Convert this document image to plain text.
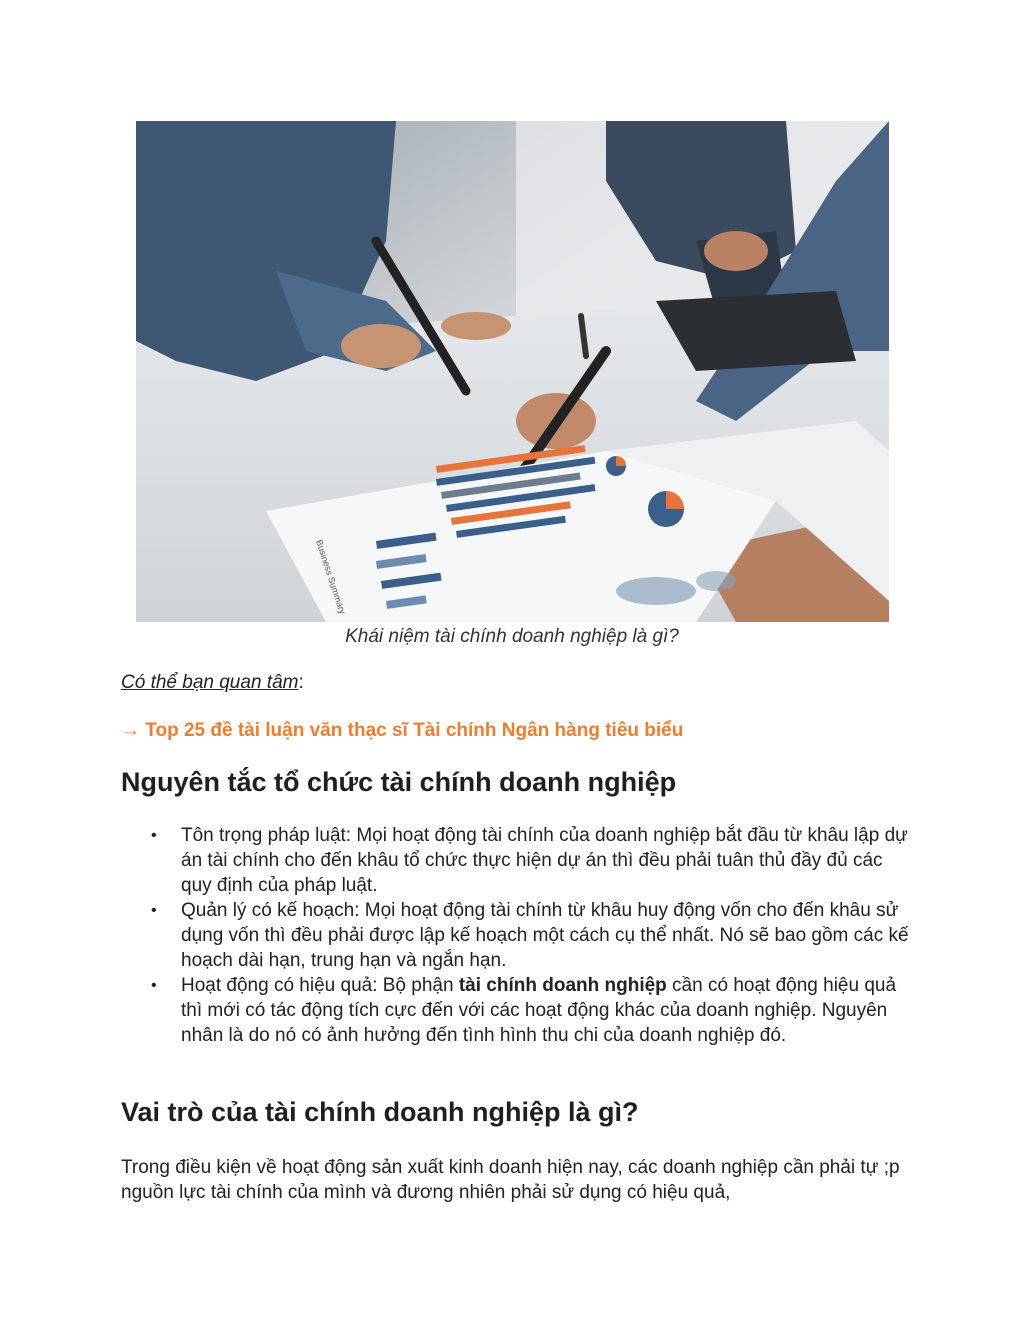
Business Summary
Khái niệm tài chính doanh nghiệp là gì?
Có thể bạn quan tâm:
→ Top 25 đề tài luận văn thạc sĩ Tài chính Ngân hàng tiêu biểu
Nguyên tắc tổ chức tài chính doanh nghiệp
• Tôn trọng pháp luật: Mọi hoạt động tài chính của doanh nghiệp bắt đầu từ khâu lập dự án tài chính cho đến khâu tổ chức thực hiện dự án thì đều phải tuân thủ đầy đủ các quy định của pháp luật.
• Quản lý có kế hoạch: Mọi hoạt động tài chính từ khâu huy động vốn cho đến khâu sử dụng vốn thì đều phải được lập kế hoạch một cách cụ thể nhất. Nó sẽ bao gồm các kế hoạch dài hạn, trung hạn và ngắn hạn.
• Hoạt động có hiệu quả: Bộ phận tài chính doanh nghiệp cần có hoạt động hiệu quả thì mới có tác động tích cực đến với các hoạt động khác của doanh nghiệp. Nguyên nhân là do nó có ảnh hưởng đến tình hình thu chi của doanh nghiệp đó.
Vai trò của tài chính doanh nghiệp là gì?
Trong điều kiện về hoạt động sản xuất kinh doanh hiện nay, các doanh nghiệp cần phải tự ;p nguồn lực tài chính của mình và đương nhiên phải sử dụng có hiệu quả,
